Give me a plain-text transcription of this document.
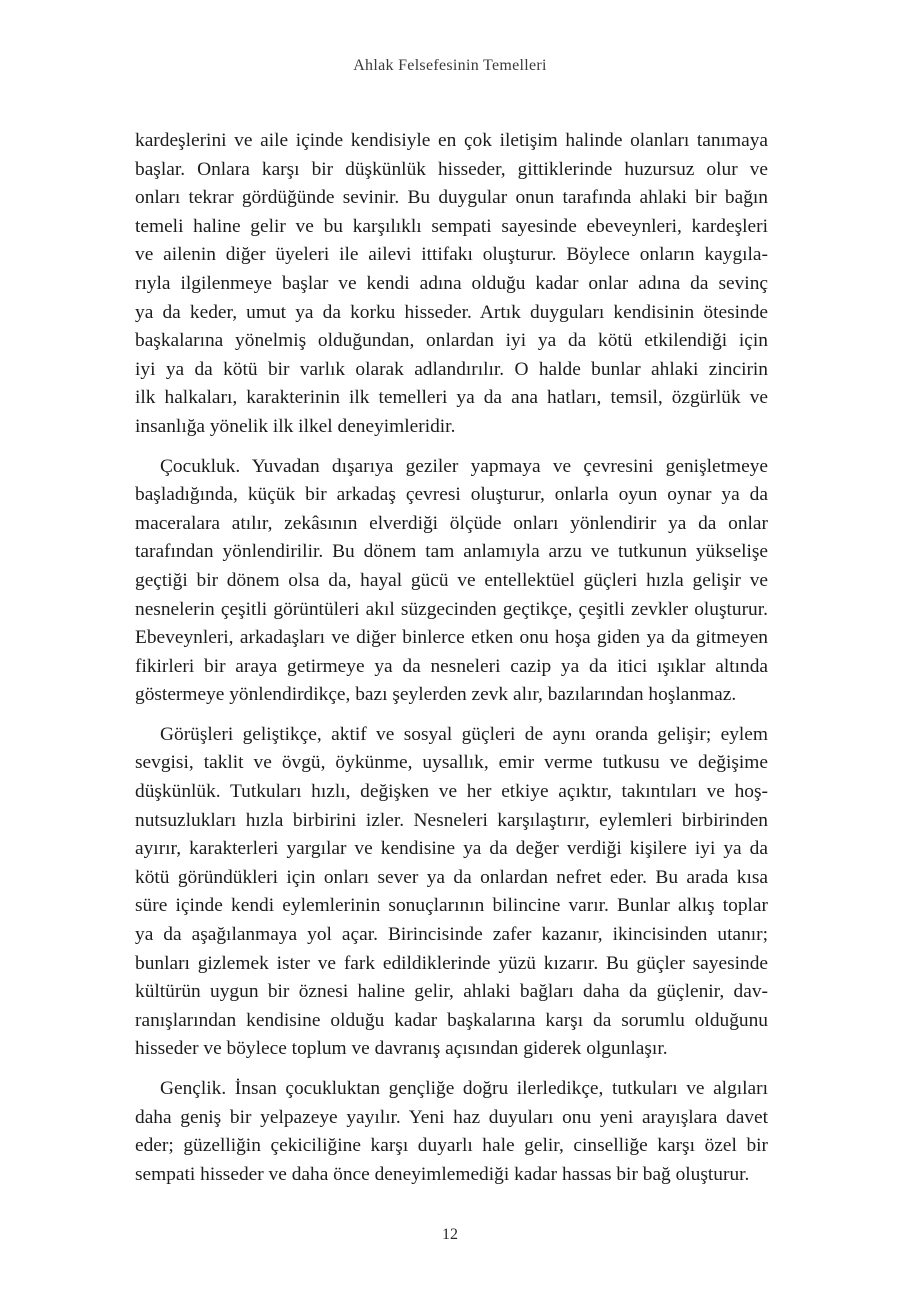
Ahlak Felsefesinin Temelleri

kardeşlerini ve aile içinde kendisiyle en çok iletişim halinde olanları tanımaya
başlar. Onlara karşı bir düşkünlük hisseder, gittiklerinde huzursuz olur ve
onları tekrar gördüğünde sevinir. Bu duygular onun tarafında ahlaki bir bağın
temeli haline gelir ve bu karşılıklı sempati sayesinde ebeveynleri, kardeşleri
ve ailenin diğer üyeleri ile ailevi ittifakı oluşturur. Böylece onların kaygıla-
rıyla ilgilenmeye başlar ve kendi adına olduğu kadar onlar adına da sevinç
ya da keder, umut ya da korku hisseder. Artık duyguları kendisinin ötesinde
başkalarına yönelmiş olduğundan, onlardan iyi ya da kötü etkilendiği için
iyi ya da kötü bir varlık olarak adlandırılır. O halde bunlar ahlaki zincirin
ilk halkaları, karakterinin ilk temelleri ya da ana hatları, temsil, özgürlük ve
insanlığa yönelik ilk ilkel deneyimleridir.

Çocukluk. Yuvadan dışarıya geziler yapmaya ve çevresini genişletmeye
başladığında, küçük bir arkadaş çevresi oluşturur, onlarla oyun oynar ya da
maceralara atılır, zekâsının elverdiği ölçüde onları yönlendirir ya da onlar
tarafından yönlendirilir. Bu dönem tam anlamıyla arzu ve tutkunun yükselişe
geçtiği bir dönem olsa da, hayal gücü ve entellektüel güçleri hızla gelişir ve
nesnelerin çeşitli görüntüleri akıl süzgecinden geçtikçe, çeşitli zevkler oluşturur.
Ebeveynleri, arkadaşları ve diğer binlerce etken onu hoşa giden ya da gitmeyen
fikirleri bir araya getirmeye ya da nesneleri cazip ya da itici ışıklar altında
göstermeye yönlendirdikçe, bazı şeylerden zevk alır, bazılarından hoşlanmaz.

Görüşleri geliştikçe, aktif ve sosyal güçleri de aynı oranda gelişir; eylem
sevgisi, taklit ve övgü, öykünme, uysallık, emir verme tutkusu ve değişime
düşkünlük. Tutkuları hızlı, değişken ve her etkiye açıktır, takıntıları ve hoş-
nutsuzlukları hızla birbirini izler. Nesneleri karşılaştırır, eylemleri birbirinden
ayırır, karakterleri yargılar ve kendisine ya da değer verdiği kişilere iyi ya da
kötü göründükleri için onları sever ya da onlardan nefret eder. Bu arada kısa
süre içinde kendi eylemlerinin sonuçlarının bilincine varır. Bunlar alkış toplar
ya da aşağılanmaya yol açar. Birincisinde zafer kazanır, ikincisinden utanır;
bunları gizlemek ister ve fark edildiklerinde yüzü kızarır. Bu güçler sayesinde
kültürün uygun bir öznesi haline gelir, ahlaki bağları daha da güçlenir, dav-
ranışlarından kendisine olduğu kadar başkalarına karşı da sorumlu olduğunu
hisseder ve böylece toplum ve davranış açısından giderek olgunlaşır.

Gençlik. İnsan çocukluktan gençliğe doğru ilerledikçe, tutkuları ve algıları
daha geniş bir yelpazeye yayılır. Yeni haz duyuları onu yeni arayışlara davet
eder; güzelliğin çekiciliğine karşı duyarlı hale gelir, cinselliğe karşı özel bir
sempati hisseder ve daha önce deneyimlemediği kadar hassas bir bağ oluşturur.

12
